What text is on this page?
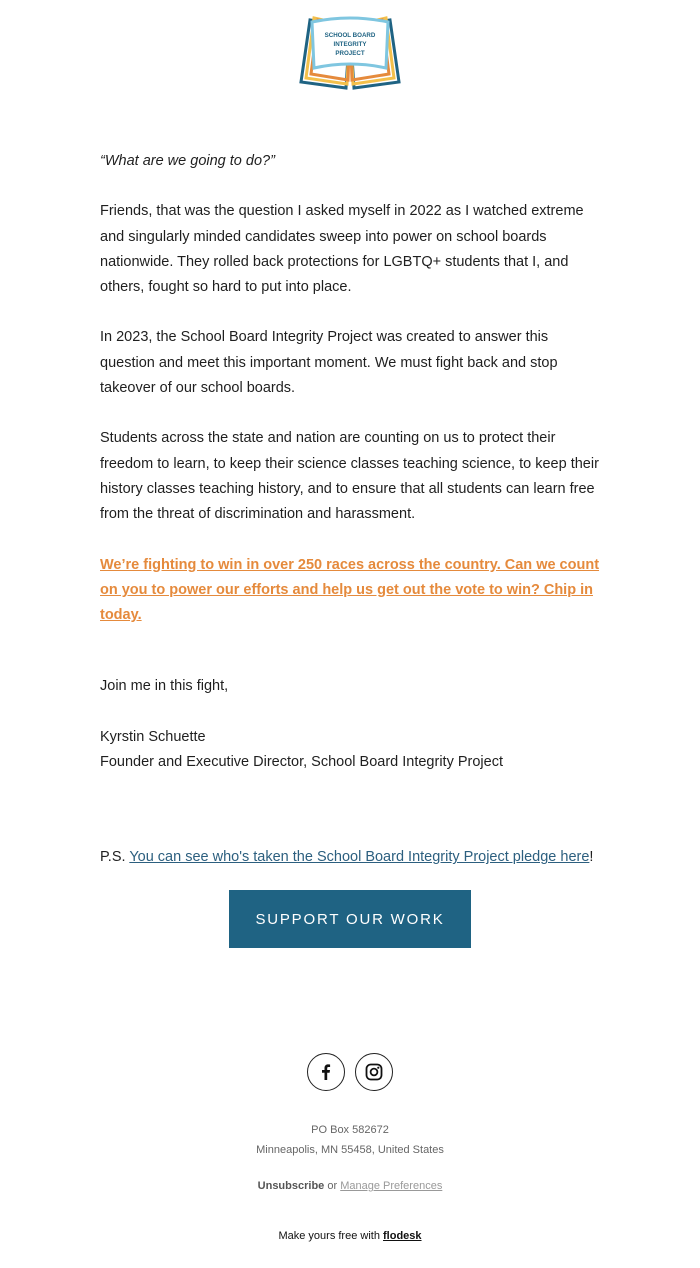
SCHOOL BOARD
INTEGRITY
PROJECT

“What are we going to do?”

Friends, that was the question I asked myself in 2022 as I watched extreme and singularly minded candidates sweep into power on school boards nationwide. They rolled back protections for LGBTQ+ students that I, and others, fought so hard to put into place.

In 2023, the School Board Integrity Project was created to answer this question and meet this important moment. We must fight back and stop takeover of our school boards.

Students across the state and nation are counting on us to protect their freedom to learn, to keep their science classes teaching science, to keep their history classes teaching history, and to ensure that all students can learn free from the threat of discrimination and harassment.

We’re fighting to win in over 250 races across the country. Can we count on you to power our efforts and help us get out the vote to win? Chip in today.

Join me in this fight,

Kyrstin Schuette

Founder and Executive Director, School Board Integrity Project

P.S. You can see who's taken the School Board Integrity Project pledge here!

SUPPORT OUR WORK
PO Box 582672
Minneapolis, MN 55458, United States
Unsubscribe or Manage Preferences
Make yours free with flodesk
